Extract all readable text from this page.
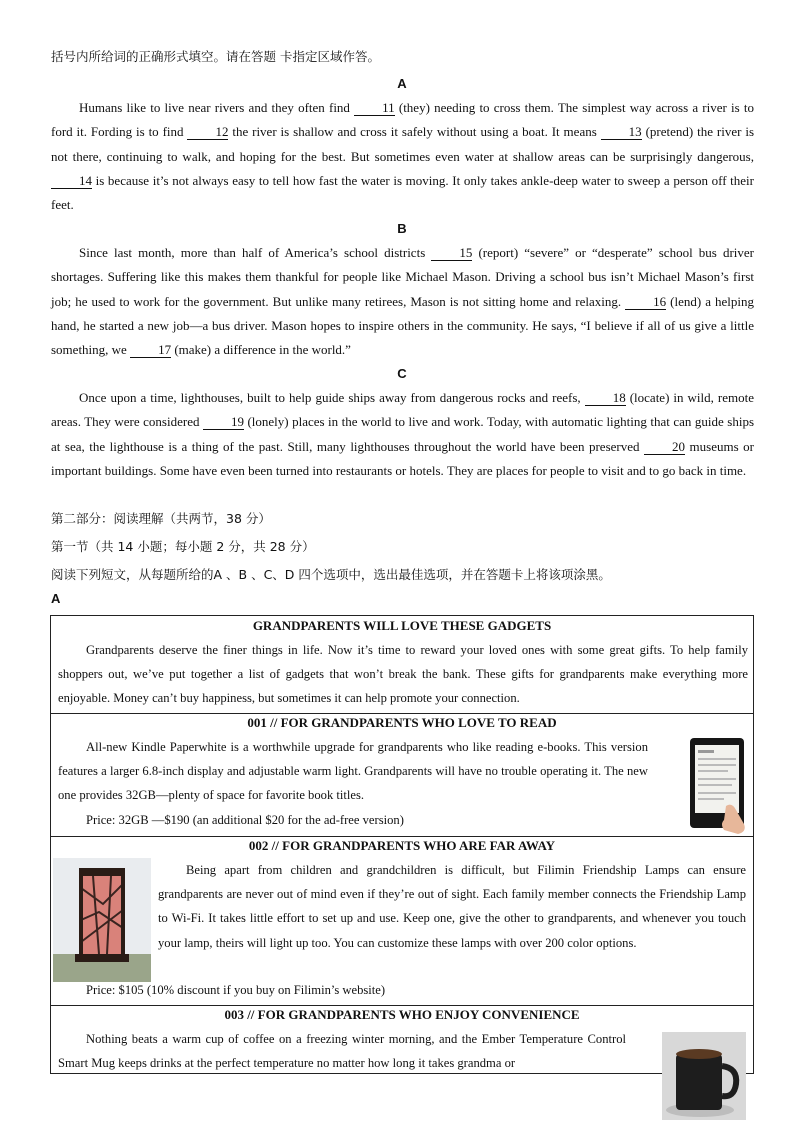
括号内所给词的正确形式填空。请在答题 卡指定区域作答。
A

Humans like to live near rivers and they often find 11 (they) needing to cross them. The simplest way across a river is to ford it. Fording is to find 12 the river is shallow and cross it safely without using a boat. It means 13 (pretend) the river is not there, continuing to walk, and hoping for the best. But sometimes even water at shallow areas can be surprisingly dangerous, 14 is because it’s not always easy to tell how fast the water is moving. It only takes ankle-deep water to sweep a person off their feet.

B

Since last month, more than half of America’s school districts 15 (report) “severe” or “desperate” school bus driver shortages. Suffering like this makes them thankful for people like Michael Mason. Driving a school bus isn’t Michael Mason’s first job; he used to work for the government. But unlike many retirees, Mason is not sitting home and relaxing. 16 (lend) a helping hand, he started a new job—a bus driver. Mason hopes to inspire others in the community. He says, “I believe if all of us give a little something, we 17 (make) a difference in the world.”

C

Once upon a time, lighthouses, built to help guide ships away from dangerous rocks and reefs, 18 (locate) in wild, remote areas. They were considered 19 (lonely) places in the world to live and work. Today, with automatic lighting that can guide ships at sea, the lighthouse is a thing of the past. Still, many lighthouses throughout the world have been preserved 20 museums or important buildings. Some have even been turned into restaurants or hotels. They are places for people to visit and to go back in time.

第二部分：阅读理解（共两节，38 分）
第一节（共 14 小题；每小题 2 分，共 28 分）
阅读下列短文，从每题所给的A 、B 、C、D 四个选项中，选出最佳选项，并在答题卡上将该项涂黑。
A
GRANDPARENTS WILL LOVE THESE GADGETS

Grandparents deserve the finer things in life. Now it’s time to reward your loved ones with some great gifts. To help family shoppers out, we’ve put together a list of gadgets that won’t break the bank. These gifts for grandparents make everything more enjoyable. Money can’t buy happiness, but sometimes it can help promote your connection.

001 // FOR GRANDPARENTS WHO LOVE TO READ

All-new Kindle Paperwhite is a worthwhile upgrade for grandparents who like reading e-books. This version features a larger 6.8-inch display and adjustable warm light. Grandparents will have no trouble operating it. The new one provides 32GB—plenty of space for favorite book titles.

Price: 32GB —$190 (an additional $20 for the ad-free version)

002 // FOR GRANDPARENTS WHO ARE FAR AWAY

Being apart from children and grandchildren is difficult, but Filimin Friendship Lamps can ensure grandparents are never out of mind even if they’re out of sight. Each family member connects the Friendship Lamp to Wi-Fi. It takes little effort to set up and use. Keep one, give the other to grandparents, and whenever you touch your lamp, theirs will light up too. You can customize these lamps with over 200 color options.

Price: $105 (10% discount if you buy on Filimin’s website)

003 // FOR GRANDPARENTS WHO ENJOY CONVENIENCE

Nothing beats a warm cup of coffee on a freezing winter morning, and the Ember Temperature Control Smart Mug keeps drinks at the perfect temperature no matter how long it takes grandma or
